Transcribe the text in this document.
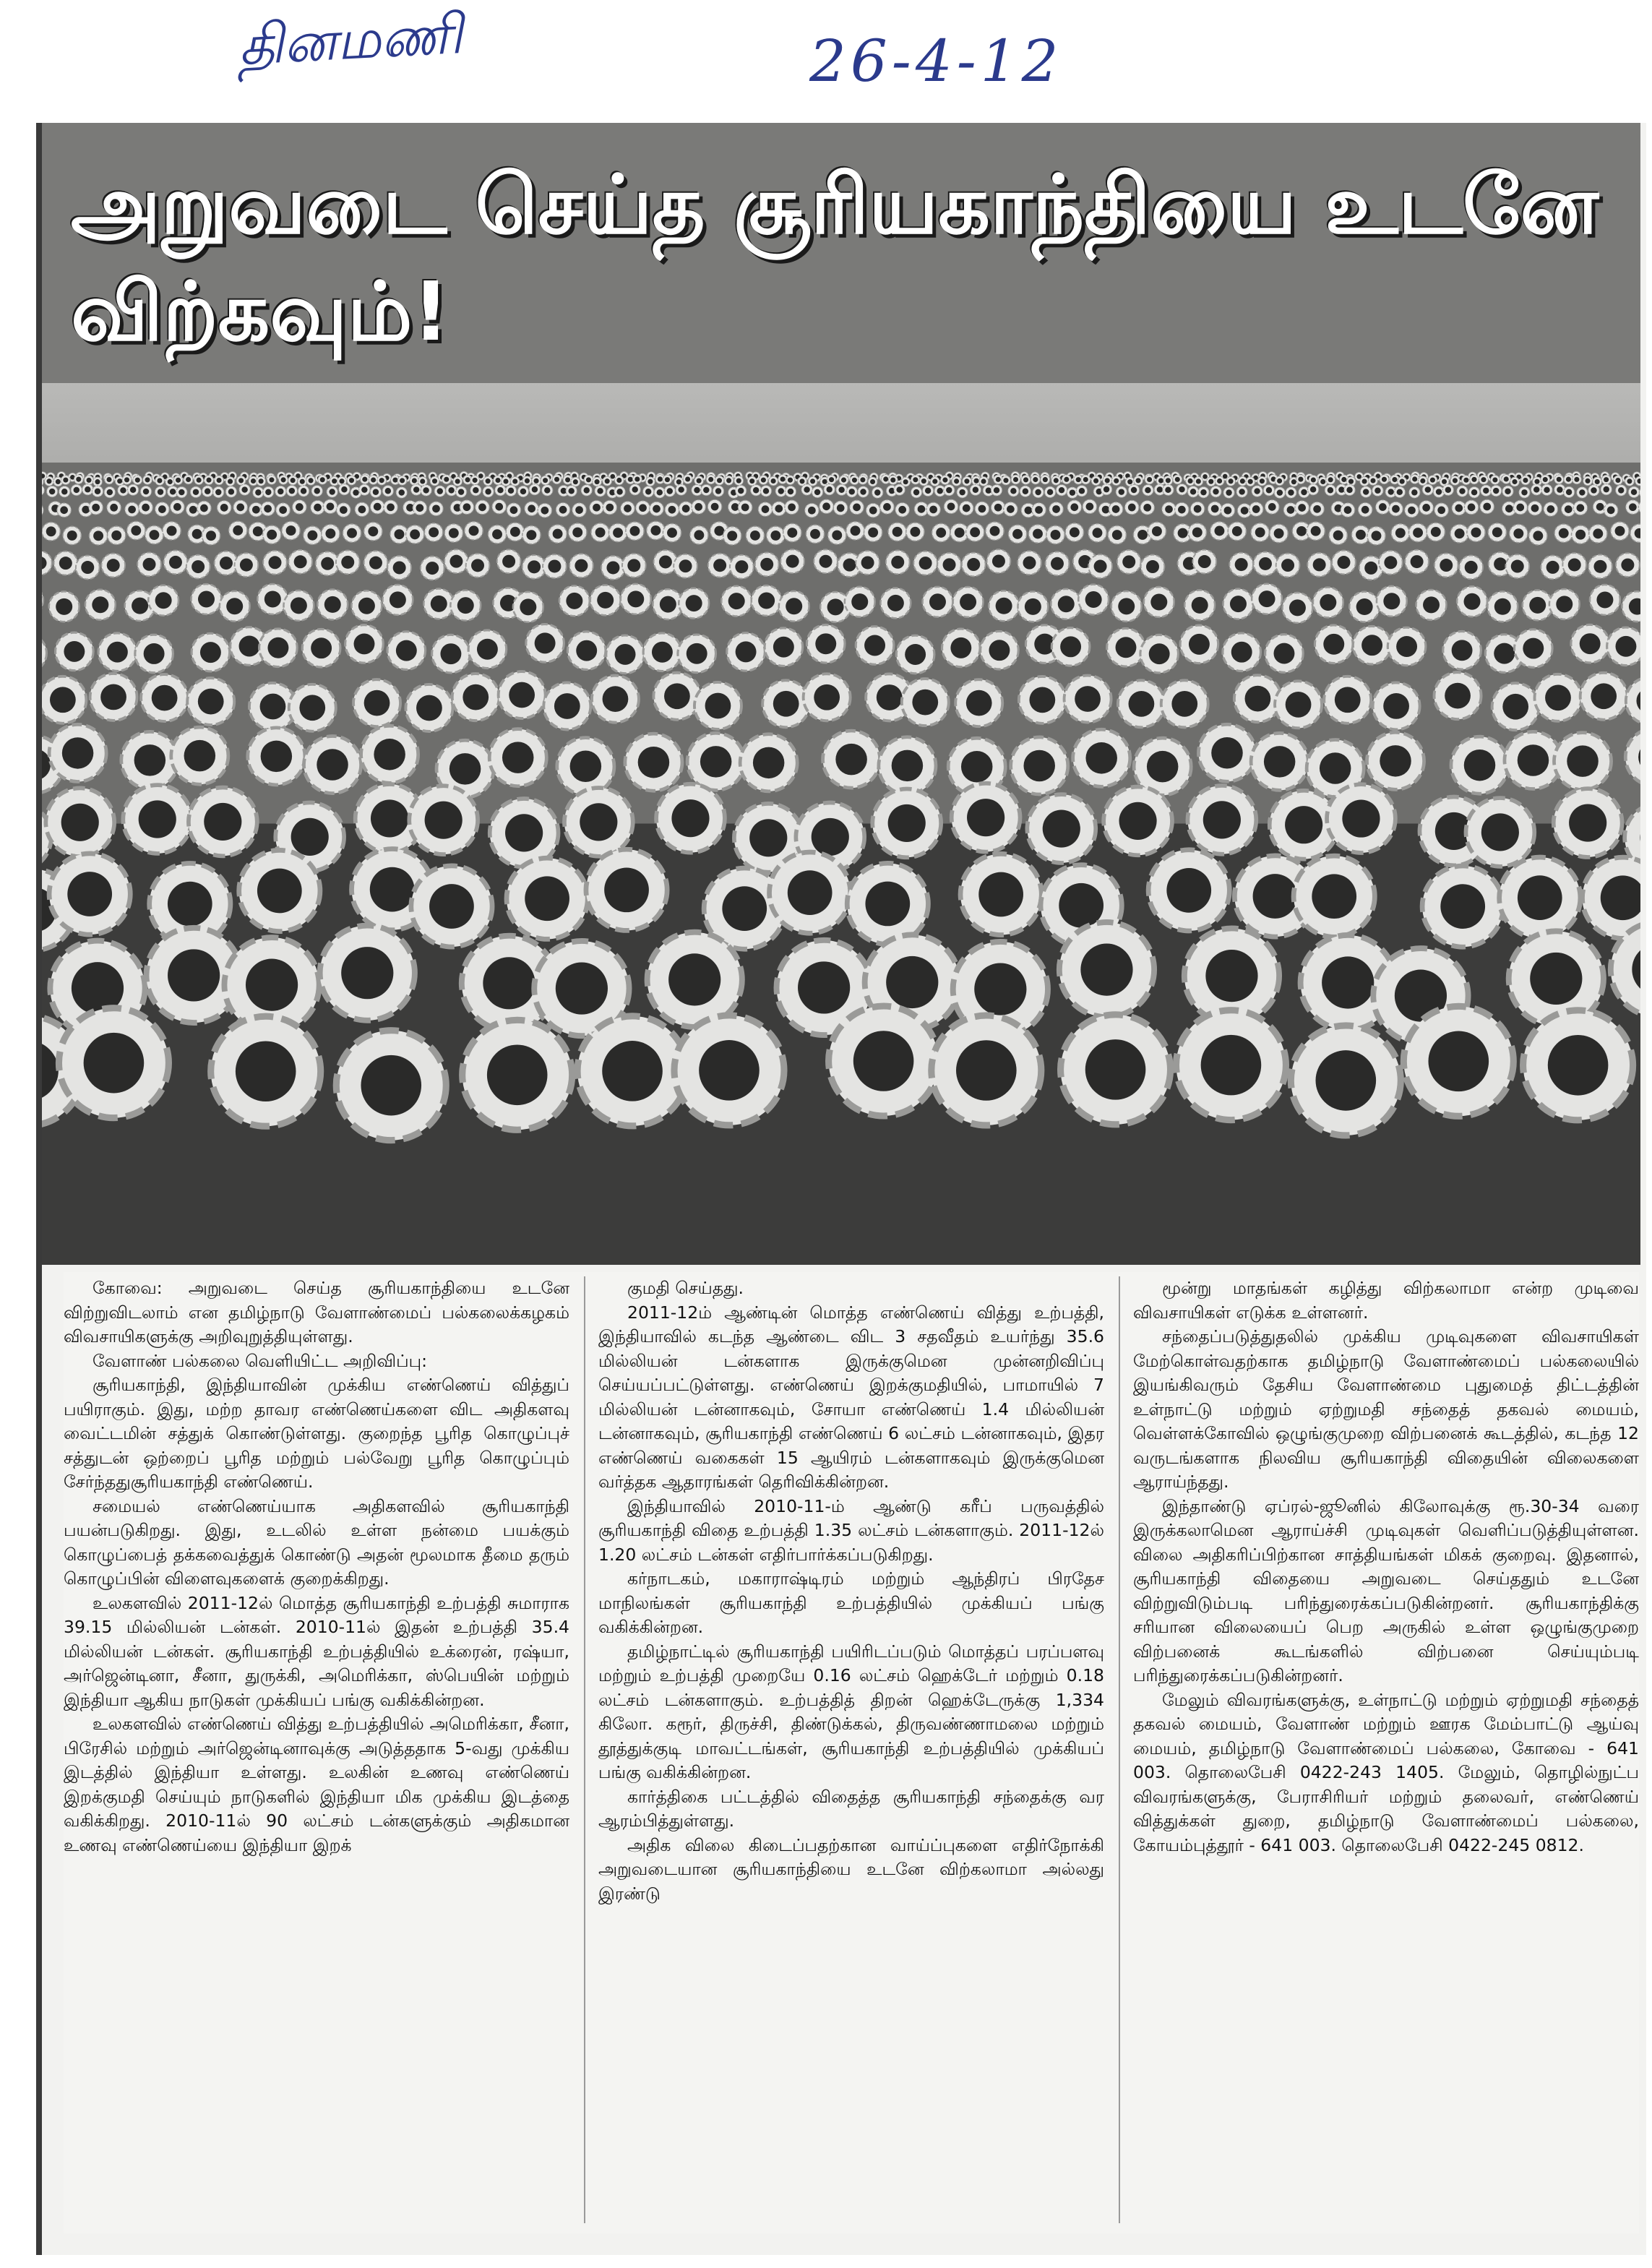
தினமணி	26-4-12
அறுவடை செய்த சூரியகாந்தியை உடனே விற்கவும்!

கோவை: அறுவடை செய்த சூரியகாந்தியை உடனே விற்றுவிடலாம் என தமிழ்நாடு வேளாண்மைப் பல்கலைக்கழகம் விவசாயிகளுக்கு அறிவுறுத்தியுள்ளது.

வேளாண் பல்கலை வெளியிட்ட அறிவிப்பு:

சூரியகாந்தி, இந்தியாவின் முக்கிய எண்ணெய் வித்துப் பயிராகும். இது, மற்ற தாவர எண்ணெய்களை விட அதிகளவு வைட்டமின் சத்துக் கொண்டுள்ளது. குறைந்த பூரித கொழுப்புச் சத்துடன் ஒற்றைப் பூரித மற்றும் பல்வேறு பூரித கொழுப்பும் சேர்ந்ததுசூரியகாந்தி எண்ணெய்.

சமையல் எண்ணெய்யாக அதிகளவில் சூரியகாந்தி பயன்படுகிறது. இது, உடலில் உள்ள நன்மை பயக்கும் கொழுப்பைத் தக்கவைத்துக் கொண்டு அதன் மூலமாக தீமை தரும் கொழுப்பின் விளைவுகளைக் குறைக்கிறது.

உலகளவில் 2011-12ல் மொத்த சூரியகாந்தி உற்பத்தி சுமாராக 39.15 மில்லியன் டன்கள். 2010-11ல் இதன் உற்பத்தி 35.4 மில்லியன் டன்கள். சூரியகாந்தி உற்பத்தியில் உக்ரைன், ரஷ்யா, அர்ஜென்டினா, சீனா, துருக்கி, அமெரிக்கா, ஸ்பெயின் மற்றும் இந்தியா ஆகிய நாடுகள் முக்கியப் பங்கு வகிக்கின்றன.

உலகளவில் எண்ணெய் வித்து உற்பத்தியில் அமெரிக்கா, சீனா, பிரேசில் மற்றும் அர்ஜென்டினாவுக்கு அடுத்ததாக 5-வது முக்கிய இடத்தில் இந்தியா உள்ளது. உலகின் உணவு எண்ணெய் இறக்குமதி செய்யும் நாடுகளில் இந்தியா மிக முக்கிய இடத்தை வகிக்கிறது. 2010-11ல் 90 லட்சம் டன்களுக்கும் அதிகமான உணவு எண்ணெய்யை இந்தியா இறக்

குமதி செய்தது.

2011-12ம் ஆண்டின் மொத்த எண்ணெய் வித்து உற்பத்தி, இந்தியாவில் கடந்த ஆண்டை விட 3 சதவீதம் உயர்ந்து 35.6 மில்லியன் டன்களாக இருக்குமென முன்னறிவிப்பு செய்யப்பட்டுள்ளது. எண்ணெய் இறக்குமதியில், பாமாயில் 7 மில்லியன் டன்னாகவும், சோயா எண்ணெய் 1.4 மில்லியன் டன்னாகவும், சூரியகாந்தி எண்ணெய் 6 லட்சம் டன்னாகவும், இதர எண்ணெய் வகைகள் 15 ஆயிரம் டன்களாகவும் இருக்குமென வர்த்தக ஆதாரங்கள் தெரிவிக்கின்றன.

இந்தியாவில் 2010-11-ம் ஆண்டு கரீப் பருவத்தில் சூரியகாந்தி விதை உற்பத்தி 1.35 லட்சம் டன்களாகும். 2011-12ல் 1.20 லட்சம் டன்கள் எதிர்பார்க்கப்படுகிறது.

கர்நாடகம், மகாராஷ்டிரம் மற்றும் ஆந்திரப் பிரதேச மாநிலங்கள் சூரியகாந்தி உற்பத்தியில் முக்கியப் பங்கு வகிக்கின்றன.

தமிழ்நாட்டில் சூரியகாந்தி பயிரிடப்படும் மொத்தப் பரப்பளவு மற்றும் உற்பத்தி முறையே 0.16 லட்சம் ஹெக்டேர் மற்றும் 0.18 லட்சம் டன்களாகும். உற்பத்தித் திறன் ஹெக்டேருக்கு 1,334 கிலோ. கரூர், திருச்சி, திண்டுக்கல், திருவண்ணாமலை மற்றும் தூத்துக்குடி மாவட்டங்கள், சூரியகாந்தி உற்பத்தியில் முக்கியப் பங்கு வகிக்கின்றன.

கார்த்திகை பட்டத்தில் விதைத்த சூரியகாந்தி சந்தைக்கு வர ஆரம்பித்துள்ளது.

அதிக விலை கிடைப்பதற்கான வாய்ப்புகளை எதிர்நோக்கி அறுவடையான சூரியகாந்தியை உடனே விற்கலாமா அல்லது இரண்டு

மூன்று மாதங்கள் கழித்து விற்கலாமா என்ற முடிவை விவசாயிகள் எடுக்க உள்ளனர்.

சந்தைப்படுத்துதலில் முக்கிய முடிவுகளை விவசாயிகள் மேற்கொள்வதற்காக தமிழ்நாடு வேளாண்மைப் பல்கலையில் இயங்கிவரும் தேசிய வேளாண்மை புதுமைத் திட்டத்தின் உள்நாட்டு மற்றும் ஏற்றுமதி சந்தைத் தகவல் மையம், வெள்ளக்கோவில் ஒழுங்குமுறை விற்பனைக் கூடத்தில், கடந்த 12 வருடங்களாக நிலவிய சூரியகாந்தி விதையின் விலைகளை ஆராய்ந்தது.

இந்தாண்டு ஏப்ரல்-ஜூனில் கிலோவுக்கு ரூ.30-34 வரை இருக்கலாமென ஆராய்ச்சி முடிவுகள் வெளிப்படுத்தியுள்ளன. விலை அதிகரிப்பிற்கான சாத்தியங்கள் மிகக் குறைவு. இதனால், சூரியகாந்தி விதையை அறுவடை செய்ததும் உடனே விற்றுவிடும்படி பரிந்துரைக்கப்படுகின்றனர். சூரியகாந்திக்கு சரியான விலையைப் பெற அருகில் உள்ள ஒழுங்குமுறை விற்பனைக் கூடங்களில் விற்பனை செய்யும்படி பரிந்துரைக்கப்படுகின்றனர்.

மேலும் விவரங்களுக்கு, உள்நாட்டு மற்றும் ஏற்றுமதி சந்தைத் தகவல் மையம், வேளாண் மற்றும் ஊரக மேம்பாட்டு ஆய்வு மையம், தமிழ்நாடு வேளாண்மைப் பல்கலை, கோவை - 641 003. தொலைபேசி 0422-243 1405. மேலும், தொழில்நுட்ப விவரங்களுக்கு, பேராசிரியர் மற்றும் தலைவர், எண்ணெய் வித்துக்கள் துறை, தமிழ்நாடு வேளாண்மைப் பல்கலை, கோயம்புத்தூர் - 641 003. தொலைபேசி 0422-245 0812.
